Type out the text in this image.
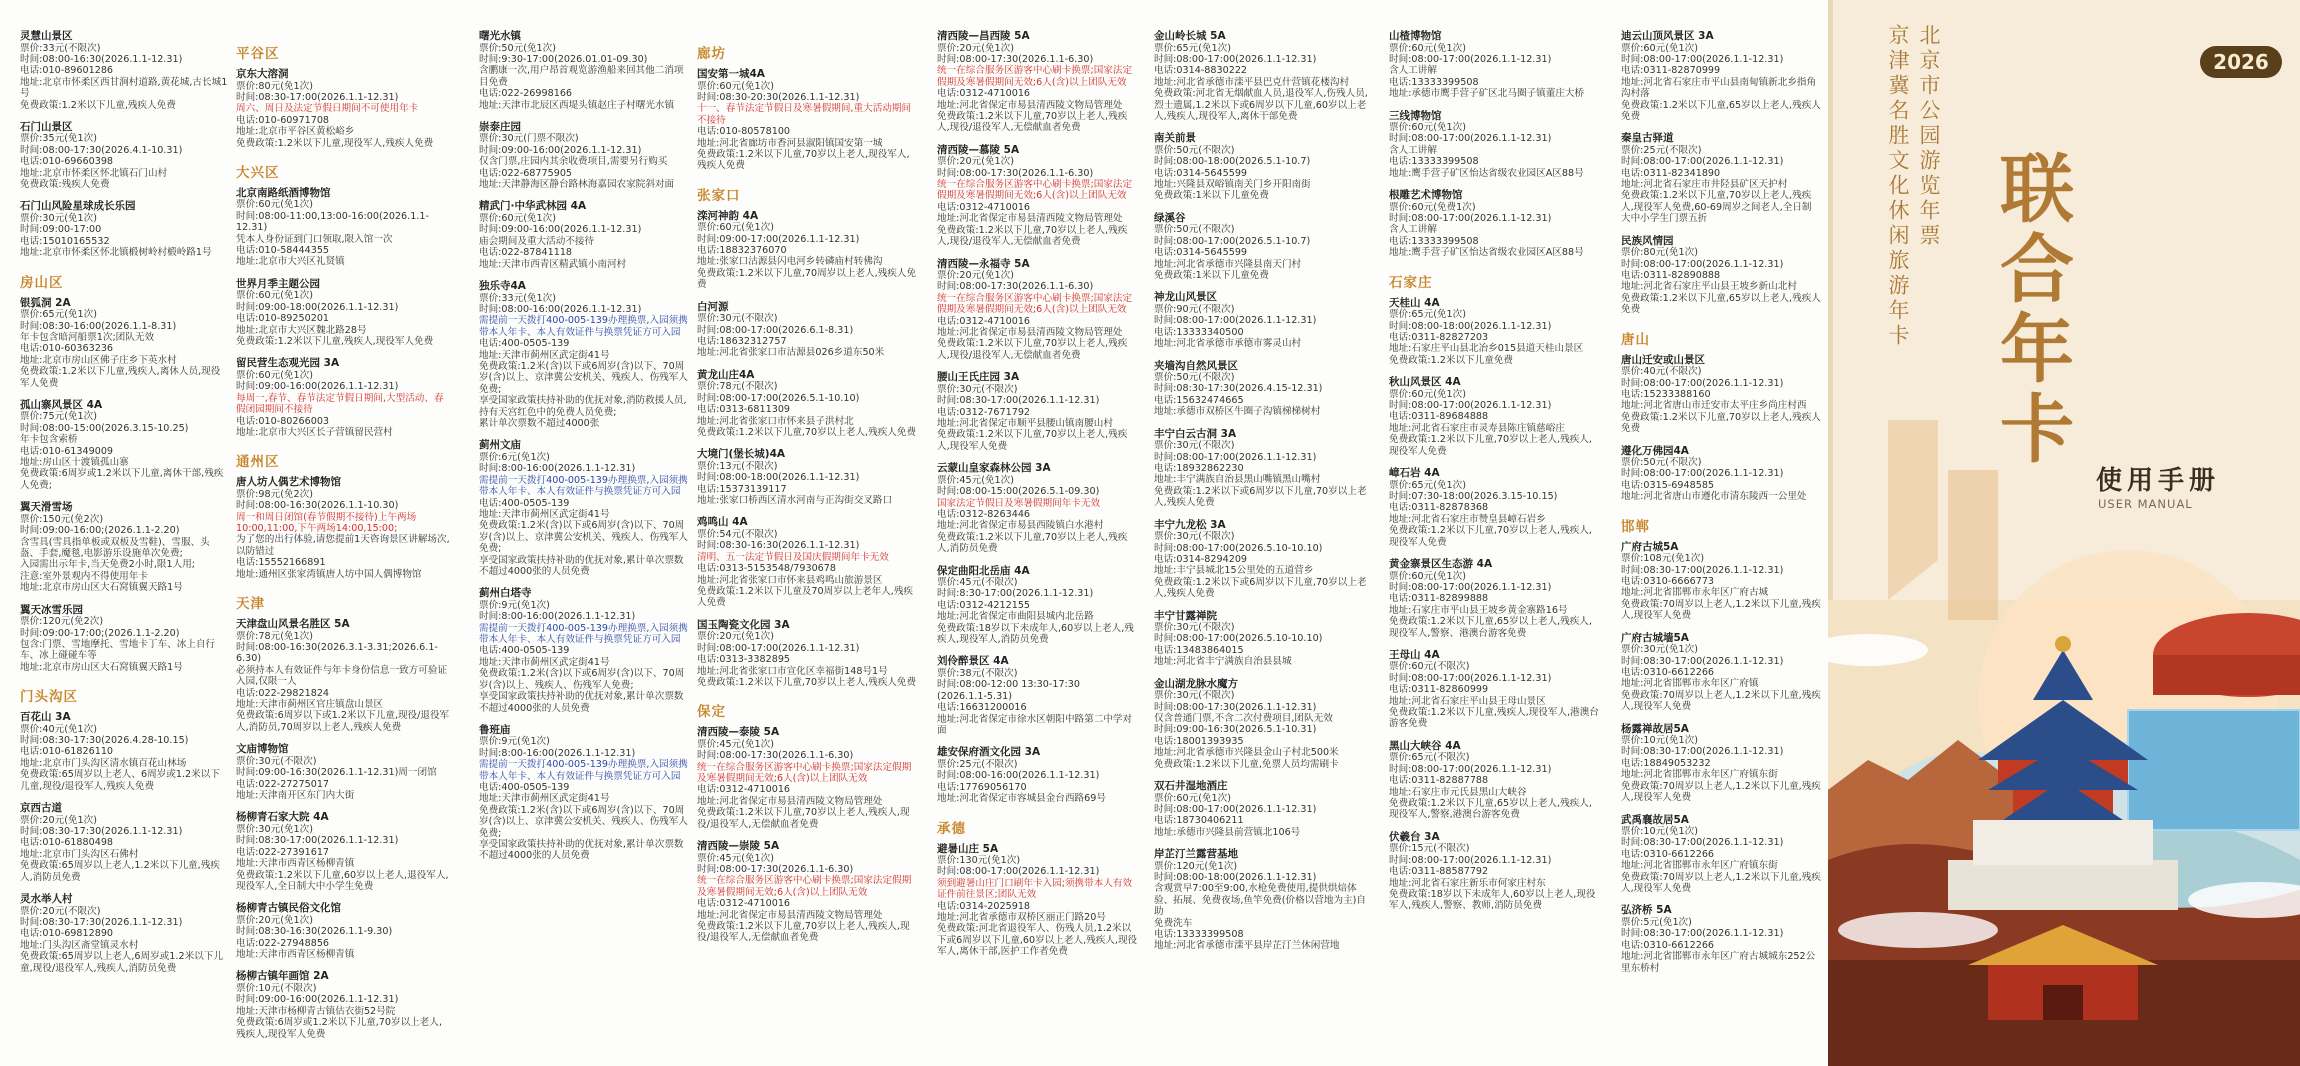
灵慧山景区
票价:33元(不限次)
时间:08:00-16:30(2026.1.1-12.31)
电话:010-89601286
地址:北京市怀柔区西甘涧村道路,黄花城,古长城1号
免费政策:1.2米以下儿童,残疾人免费
石门山景区
票价:35元(免1次)
时间:08:00-17:30(2026.4.1-10.31)
电话:010-69660398
地址:北京市怀柔区怀北镇石门山村
免费政策:残疾人免费
石门山风险星球成长乐园
票价:30元(免1次)
时间:09:00-17:00
电话:15010165532
地址:北京市怀柔区怀北镇椴树岭村椴岭路1号
房山区
银狐洞 2A
票价:65元(免1次)
时间:08:30-16:00(2026.1.1-8.31)
年卡包含暗河船票1次;团队无效
电话:010-60363236
地址:北京市房山区佛子庄乡下英水村
免费政策:1.2米以下儿童,残疾人,离休人员,现役军人免费
孤山寨风景区 4A
票价:75元(免1次)
时间:08:00-15:00(2026.3.15-10.25)
年卡包含索桥
电话:010-61349009
地址:房山区十渡镇孤山寨
免费政策:6周岁或1.2米以下儿童,离休干部,残疾人免费;
翼天滑雪场
票价:150元(免2次)
时间:09:00-16:00;(2026.1.1-2.20)
含雪具(雪具指单板或双板及雪鞋)、雪服、头盔、手套,魔毯,电影游乐设施单次免费;
入园需出示年卡,当天免费2小时,限1人用;
注意:室外景观内不得使用年卡
地址:北京市房山区大石窝镇翼天路1号
翼天冰雪乐园
票价:120元(免2次)
时间:09:00-17:00;(2026.1.1-2.20)
包含:门票、雪地摩托、雪地卡丁车、冰上自行车、冰上碰碰车等
地址:北京市房山区大石窝镇翼天路1号
门头沟区
百花山 3A
票价:40元(免1次)
时间:08:30-17:30(2026.4.28-10.15)
电话:010-61826110
地址:北京市门头沟区清水镇百花山林场
免费政策:65周岁以上老人、6周岁或1.2米以下儿童,现役/退役军人,残疾人免费
京西古道
票价:20元(免1次)
时间:08:30-17:30(2026.1.1-12.31)
电话:010-61880498
地址:北京市门头沟区石佛村
免费政策:65周岁以上老人,1.2米以下儿童,残疾人,消防员免费
灵水举人村
票价:20元(不限次)
时间:08:30-17:30(2026.1.1-12.31)
电话:010-69812890
地址:门头沟区斋堂镇灵水村
免费政策:65周岁以上老人,6周岁或1.2米以下儿童,现役/退役军人,残疾人,消防员免费
平谷区
京东大溶洞
票价:80元(免1次)
时间:08:30-17:00(2026.1.1-12.31)
周六、周日及法定节假日期间不可使用年卡
电话:010-60971708
地址:北京市平谷区黄松峪乡
免费政策:1.2米以下儿童,现役军人,残疾人免费
大兴区
北京南路纸酒博物馆
票价:60元(免1次)
时间:08:00-11:00,13:00-16:00(2026.1.1-12.31)
凭本人身份证到门口领取,限入馆一次
电话:010-58444355
地址:北京市大兴区礼贤镇
世界月季主题公园
票价:60元(免1次)
时间:09:00-18:00(2026.1.1-12.31)
电话:010-89250201
地址:北京市大兴区魏北路28号
免费政策:1.2米以下儿童,残疾人,现役军人免费
留民营生态观光园 3A
票价:60元(免1次)
时间:09:00-16:00(2026.1.1-12.31)
每周一,春节、春节法定节假日期间,大型活动、春假闭园期间不接待
电话:010-80266003
地址:北京市大兴区长子营镇留民营村
通州区
唐人坊人偶艺术博物馆
票价:98元(免2次)
时间:08:00-16:30(2026.1.1-10.30)
周一和周日闭馆(春节假期不接待)上午两场10:00,11:00,下午两场14:00,15:00;
为了您的出行体验,请您提前1天咨询景区讲解场次,以防错过
电话:15552166891
地址:通州区张家湾镇唐人坊中国人偶博物馆
天津
天津盘山风景名胜区 5A
票价:78元(免1次)
时间:08:00-16:30(2026.3.1-3.31;2026.6.1-6.30)
必须持本人有效证件与年卡身份信息一致方可验证入园,仅限一人
电话:022-29821824
地址:天津市蓟州区官庄镇盘山景区
免费政策:6周岁以下或1.2米以下儿童,现役/退役军人,消防员,70周岁以上老人,残疾人免费
文庙博物馆
票价:30元(不限次)
时间:09:00-16:30(2026.1.1-12.31)周一闭馆
电话:022-27275017
地址:天津南开区东门内大街
杨柳青石家大院 4A
票价:30元(免1次)
时间:08:30-17:00(2026.1.1-12.31)
电话:022-27391617
地址:天津市西青区杨柳青镇
免费政策:1.2米以下儿童,60岁以上老人,退役军人,现役军人,全日制大中小学生免费
杨柳青古镇民俗文化馆
票价:20元(免1次)
时间:08:30-16:30(2026.1.1-9.30)
电话:022-27948856
地址:天津市西青区杨柳青镇
杨柳古镇年画馆 2A
票价:10元(不限次)
时间:09:00-16:00(2026.1.1-12.31)
地址:天津市杨柳青古镇估衣街52号院
免费政策:6周岁或1.2米以下儿童,70岁以上老人,残疾人,现役军人免费
曙光水镇
票价:50元(免1次)
时间:9:30-17:00(2026.01.01-09.30)
含鹏康一次,用户昂首观览游渔船来回其他二消项目免费
电话:022-26998166
地址:天津市北辰区西堤头镇赵庄子村曙光水镇
崇泰庄园
票价:30元(门票不限次)
时间:09:00-16:00(2026.1.1-12.31)
仅含门票,庄园内其余收费项目,需要另行购买
电话:022-68775905
地址:天津静海区静台路林海嘉园农家院斜对面
精武门·中华武林园 4A
票价:60元(免1次)
时间:09:00-16:00(2026.1.1-12.31)
庙会期间及重大活动不接待
电话:022-87841118
地址:天津市西青区精武镇小南河村
独乐寺4A
票价:33元(免1次)
时间:08:00-16:00(2026.1.1-12.31)
需提前一天拨打400-005-139办理换票,入园须携带本人年卡、本人有效证件与换票凭证方可入园
电话:400-0505-139
地址:天津市蓟州区武定街41号
免费政策:1.2米(含)以下或6周岁(含)以下、70周岁(含)以上、京津冀公安机关、残疾人、伤残军人免费;
享受国家政策扶持补助的优抚对象,消防救援人员,持有天宫红色中的免费人员免费;
累计单次票数不超过4000张
蓟州文庙
票价:6元(免1次)
时间:8:00-16:00(2026.1.1-12.31)
需提前一天拨打400-005-139办理换票,入园须携带本人年卡、本人有效证件与换票凭证方可入园
电话:400-0505-139
地址:天津市蓟州区武定街41号
免费政策:1.2米(含)以下或6周岁(含)以下、70周岁(含)以上、京津冀公安机关、残疾人、伤残军人免费;
享受国家政策扶持补助的优抚对象,累计单次票数不超过4000张的人员免费
蓟州白塔寺
票价:9元(免1次)
时间:8:00-16:00(2026.1.1-12.31)
需提前一天拨打400-005-139办理换票,入园须携带本人年卡、本人有效证件与换票凭证方可入园
电话:400-0505-139
地址:天津市蓟州区武定街41号
免费政策:1.2米(含)以下或6周岁(含)以下、70周岁(含)以上、残疾人、伤残军人免费;
享受国家政策扶持补助的优抚对象,累计单次票数不超过4000张的人员免费
鲁班庙
票价:9元(免1次)
时间:8:00-16:00(2026.1.1-12.31)
需提前一天拨打400-005-139办理换票,入园须携带本人年卡、本人有效证件与换票凭证方可入园
电话:400-0505-139
地址:天津市蓟州区武定街41号
免费政策:1.2米(含)以下或6周岁(含)以下、70周岁(含)以上、京津冀公安机关、残疾人、伤残军人免费;
享受国家政策扶持补助的优抚对象,累计单次票数不超过4000张的人员免费
廊坊
国安第一城4A
票价:60元(免1次)
时间:08:30-20:30(2026.1.1-12.31)
十一、春节法定节假日及寒暑假期间,重大活动期间不接待
电话:010-80578100
地址:河北省廊坊市香河县淑阳镇国安第一城
免费政策:1.2米以下儿童,70岁以上老人,现役军人,残疾人免费
张家口
滦河神韵 4A
票价:60元(免1次)
时间:09:00-17:00(2026.1.1-12.31)
电话:18832376070
地址:张家口沽源县闪电河乡转磷庙村转佛沟
免费政策:1.2米以下儿童,70周岁以上老人,残疾人免费
白河源
票价:30元(不限次)
时间:08:00-17:00(2026.6.1-8.31)
电话:18632312757
地址:河北省张家口市沽源县026乡道东50米
黄龙山庄4A
票价:78元(不限次)
时间:08:00-17:00(2026.5.1-10.10)
电话:0313-6811309
地址:河北省张家口市怀来县子洪村北
免费政策:1.2米以下儿童,70岁以上老人,残疾人免费
大境门(堡长城)4A
票价:13元(不限次)
时间:08:00-18:00(2026.1.1-12.31)
电话:15373139117
地址:张家口桥西区清水河南与正沟街交叉路口
鸡鸣山 4A
票价:54元(不限次)
时间:08:30-16:30(2026.1.1-12.31)
清明、五一法定节假日及国庆假期间年卡无效
电话:0313-5153548/7930678
地址:河北省张家口市怀来县鸡鸣山旅游景区
免费政策:1.2米以下儿童及70周岁以上老年人,残疾人免费
国玉陶瓷文化园 3A
票价:20元(免1次)
时间:08:00-17:00(2026.1.1-12.31)
电话:0313-3382895
地址:河北省张家口市宣化区幸福街148号1号
免费政策:1.2米以下儿童,70岁以上老人,残疾人免费
保定
清西陵—泰陵 5A
票价:45元(免1次)
时间:08:00-17:30(2026.1.1-6.30)
统一在综合服务区游客中心刷卡换票;国家法定假期及寒暑假期间无效;6人(含)以上团队无效
电话:0312-4710016
地址:河北省保定市易县清西陵文物局管理处
免费政策:1.2米以下儿童,70岁以上老人,残疾人,现役/退役军人,无偿献血者免费
清西陵—崇陵 5A
票价:45元(免1次)
时间:08:00-17:30(2026.1.1-6.30)
统一在综合服务区游客中心刷卡换票;国家法定假期及寒暑假期间无效;6人(含)以上团队无效
电话:0312-4710016
地址:河北省保定市易县清西陵文物局管理处
免费政策:1.2米以下儿童,70岁以上老人,残疾人,现役/退役军人,无偿献血者免费
清西陵—昌西陵 5A
票价:20元(免1次)
时间:08:00-17:30(2026.1.1-6.30)
统一在综合服务区游客中心刷卡换票;国家法定假期及寒暑假期间无效;6人(含)以上团队无效
电话:0312-4710016
地址:河北省保定市易县清西陵文物局管理处
免费政策:1.2米以下儿童,70岁以上老人,残疾人,现役/退役军人,无偿献血者免费
清西陵—慕陵 5A
票价:20元(免1次)
时间:08:00-17:30(2026.1.1-6.30)
统一在综合服务区游客中心刷卡换票;国家法定假期及寒暑假期间无效;6人(含)以上团队无效
电话:0312-4710016
地址:河北省保定市易县清西陵文物局管理处
免费政策:1.2米以下儿童,70岁以上老人,残疾人,现役/退役军人,无偿献血者免费
清西陵—永福寺 5A
票价:20元(免1次)
时间:08:00-17:30(2026.1.1-6.30)
统一在综合服务区游客中心刷卡换票;国家法定假期及寒暑假期间无效;6人(含)以上团队无效
电话:0312-4710016
地址:河北省保定市易县清西陵文物局管理处
免费政策:1.2米以下儿童,70岁以上老人,残疾人,现役/退役军人,无偿献血者免费
腰山王氏庄园 3A
票价:30元(不限次)
时间:08:30-17:00(2026.1.1-12.31)
电话:0312-7671792
地址:河北省保定市顺平县腰山镇南腰山村
免费政策:1.2米以下儿童,70岁以上老人,残疾人,现役军人免费
云蒙山皇家森林公园 3A
票价:45元(免1次)
时间:08:00-15:00(2026.5.1-09.30)
国家法定节假日及寒暑假期间年卡无效
电话:0312-8263446
地址:河北省保定市易县西陵镇白水港村
免费政策:1.2米以下儿童,70岁以上老人,残疾人,消防员免费
保定曲阳北岳庙 4A
票价:45元(不限次)
时间:8:30-17:00(2026.1.1-12.31)
电话:0312-4212155
地址:河北省保定市曲阳县城内北岳路
免费政策:18岁以下未成年人,60岁以上老人,残疾人,现役军人,消防员免费
刘伶醉景区 4A
票价:38元(不限次)
时间:08:00-12:00 13:30-17:30
(2026.1.1-5.31)
电话:16631200016
地址:河北省保定市徐水区朝阳中路第二中学对面
雄安保府酒文化园 3A
票价:25元(不限次)
时间:08:00-16:00(2026.1.1-12.31)
电话:17769056170
地址:河北省保定市容城县金台西路69号
承德
避暑山庄 5A
票价:130元(免1次)
时间:08:00-17:00(2026.1.1-12.31)
须到避暑山庄门口刷年卡入园;须携带本人有效证件前往景区;团队无效
电话:0314-2025918
地址:河北省承德市双桥区丽正门路20号
免费政策:河北省退役军人、伤残人员,1.2米以下或6周岁以下儿童,60岁以上老人,残疾人,现役军人,离休干部,医护工作者免费
金山岭长城 5A
票价:65元(免1次)
时间:08:00-17:00(2026.1.1-12.31)
电话:0314-8830222
地址:河北省承德市滦平县巴克什营镇花楼沟村
免费政策:河北省无烟献血人员,退役军人,伤残人员,烈士遗属,1.2米以下或6周岁以下儿童,60岁以上老人,残疾人,现役军人,离休干部免费
南关前景
票价:50元(不限次)
时间:08:00-18:00(2026.5.1-10.7)
电话:0314-5645599
地址:兴隆县双峪镇南关门乡开阳南街
免费政策:1米以下儿童免费
绿溪谷
票价:50元(不限次)
时间:08:00-17:00(2026.5.1-10.7)
电话:0314-5645599
地址:河北省承德市兴隆县南天门村
免费政策:1米以下儿童免费
神龙山风景区
票价:90元(不限次)
时间:08:00-17:00(2026.1.1-12.31)
电话:13333340500
地址:河北省承德市承德市雾灵山村
夹墙沟自然风景区
票价:50元(不限次)
时间:08:30-17:30(2026.4.15-12.31)
电话:15632474665
地址:承德市双桥区牛圈子沟镇梯梯树村
丰宁白云古洞 3A
票价:30元(不限次)
时间:08:00-17:00(2026.1.1-12.31)
电话:18932862230
地址:丰宁满族自治县黑山嘴镇黑山嘴村
免费政策:1.2米以下或6周岁以下儿童,70岁以上老人,残疾人免费
丰宁九龙松 3A
票价:30元(不限次)
时间:08:00-17:00(2026.5.10-10.10)
电话:0314-8294209
地址:丰宁县城北15公里处的五道营乡
免费政策:1.2米以下或6周岁以下儿童,70岁以上老人,残疾人免费
丰宁甘露禅院
票价:30元(不限次)
时间:08:00-17:00(2026.5.10-10.10)
电话:13483864015
地址:河北省丰宁满族自治县县城
金山湖龙脉水魔方
票价:30元(不限次)
时间:08:00-17:30(2026.1.1-12.31)
仅含普通门票,不含二次付费项目,团队无效
时间:09:00-16:30(2026.5.1-10.31)
电话:18001393935
地址:河北省承德市兴隆县金山子村北500米
免费政策:1.2米以下儿童,免票人员均需刷卡
双石井湿地酒庄
票价:60元(免1次)
时间:08:00-17:00(2026.1.1-12.31)
电话:18730406211
地址:承德市兴隆县前营镇北106号
岸芷汀兰露营基地
票价:120元(免1次)
时间:08:00-18:00(2026.1.1-12.31)
含观赏早7:00至9:00,水枪免费使用,提供烘焙体验、拓展、免费夜场,鱼竿免费(价格以营地为主)自助
免费洗车
电话:13333399508
地址:河北省承德市滦平县岸芷汀兰休闲营地
山楂博物馆
票价:60元(免1次)
时间:08:00-17:00(2026.1.1-12.31)
含人工讲解
电话:13333399508
地址:承德市鹰手营子矿区北马圈子镇董庄大桥
三线博物馆
票价:60元(免1次)
时间:08:00-17:00(2026.1.1-12.31)
含人工讲解
电话:13333399508
地址:鹰手营子矿区怡达省级农业园区A区88号
根雕艺术博物馆
票价:60元(免费1次)
时间:08:00-17:00(2026.1.1-12.31)
含人工讲解
电话:13333399508
地址:鹰手营子矿区怡达省级农业园区A区88号
石家庄
天桂山 4A
票价:65元(免1次)
时间:08:00-18:00(2026.1.1-12.31)
电话:0311-82827203
地址:石家庄平山县北冶乡015县道天桂山景区
免费政策:1.2米以下儿童免费
秋山风景区 4A
票价:60元(免1次)
时间:08:00-17:00(2026.1.1-12.31)
电话:0311-89684888
地址:河北省石家庄市灵寿县陈庄镇慈峪庄
免费政策:1.2米以下儿童,70岁以上老人,残疾人,现役军人免费
嶂石岩 4A
票价:65元(免1次)
时间:07:30-18:00(2026.3.15-10.15)
电话:0311-82878368
地址:河北省石家庄市赞皇县嶂石岩乡
免费政策:1.2米以下儿童,70岁以上老人,残疾人,现役军人免费
黄金寨景区生态游 4A
票价:60元(免1次)
时间:08:00-17:00(2026.1.1-12.31)
电话:0311-82899888
地址:石家庄市平山县王坡乡黄金寨路16号
免费政策:1.2米以下儿童,65岁以上老人,残疾人,现役军人,警察、港澳台游客免费
王母山 4A
票价:60元(不限次)
时间:08:00-17:00(2026.1.1-12.31)
电话:0311-82860999
地址:河北省石家庄平山县王母山景区
免费政策:1.2米以下儿童,残疾人,现役军人,港澳台游客免费
黑山大峡谷 4A
票价:65元(不限次)
时间:08:00-17:00(2026.1.1-12.31)
电话:0311-82887788
地址:石家庄市元氏县黑山大峡谷
免费政策:1.2米以下儿童,65岁以上老人,残疾人,现役军人,警察,港澳台游客免费
伏羲台 3A
票价:15元(不限次)
时间:08:00-17:00(2026.1.1-12.31)
电话:0311-88587792
地址:河北省石家庄新乐市何家庄村东
免费政策:18岁以下未成年人,60岁以上老人,现役军人,残疾人,警察、教师,消防员免费
迪云山顶风景区 3A
票价:60元(免1次)
时间:08:00-17:00(2026.1.1-12.31)
电话:0311-82870999
地址:河北省石家庄市平山县南甸镇新北乡指角沟村落
免费政策:1.2米以下儿童,65岁以上老人,残疾人免费
秦皇古驿道
票价:25元(不限次)
时间:08:00-17:00(2026.1.1-12.31)
电话:0311-82341890
地址:河北省石家庄市井陉县矿区天护村
免费政策:1.2米以下儿童,70岁以上老人,残疾人,现役军人免费,60-69周岁之间老人,全日制大中小学生门票五折
民族风情园
票价:80元(免1次)
时间:08:00-17:00(2026.1.1-12.31)
电话:0311-82890888
地址:河北省石家庄平山县王坡乡新山北村
免费政策:1.2米以下儿童,65岁以上老人,残疾人免费
唐山
唐山迁安或山景区
票价:40元(不限次)
时间:08:00-17:00(2026.1.1-12.31)
电话:15233388160
地址:河北省唐山市迁安市太平庄乡尚庄村西
免费政策:1.2米以下儿童,70岁以上老人,残疾人免费
遵化万佛园4A
票价:50元(不限次)
时间:08:00-17:00(2026.1.1-12.31)
电话:0315-6948585
地址:河北省唐山市遵化市清东陵西一公里处
邯郸
广府古城5A
票价:108元(免1次)
时间:08:30-17:00(2026.1.1-12.31)
电话:0310-6666773
地址:河北省邯郸市永年区广府古城
免费政策:70周岁以上老人,1.2米以下儿童,残疾人,现役军人免费
广府古城墙5A
票价:30元(免1次)
时间:08:30-17:00(2026.1.1-12.31)
电话:0310-6612266
地址:河北省邯郸市永年区广府镇
免费政策:70周岁以上老人,1.2米以下儿童,残疾人,现役军人免费
杨露禅故居5A
票价:10元(免1次)
时间:08:30-17:00(2026.1.1-12.31)
电话:18849053232
地址:河北省邯郸市永年区广府镇东街
免费政策:70周岁以上老人,1.2米以下儿童,残疾人,现役军人免费
武禹襄故居5A
票价:10元(免1次)
时间:08:30-17:00(2026.1.1-12.31)
电话:0310-6612266
地址:河北省邯郸市永年区广府镇东街
免费政策:70周岁以上老人,1.2米以下儿童,残疾人,现役军人免费
弘济桥 5A
票价:5元(免1次)
时间:08:30-17:00(2026.1.1-12.31)
电话:0310-6612266
地址:河北省邯郸市永年区广府古城城东252公里东桥村
北京市公园游览年票
京津冀名胜文化休闲旅游年卡	2026
联合年卡
使用手册
USER MANUAL
